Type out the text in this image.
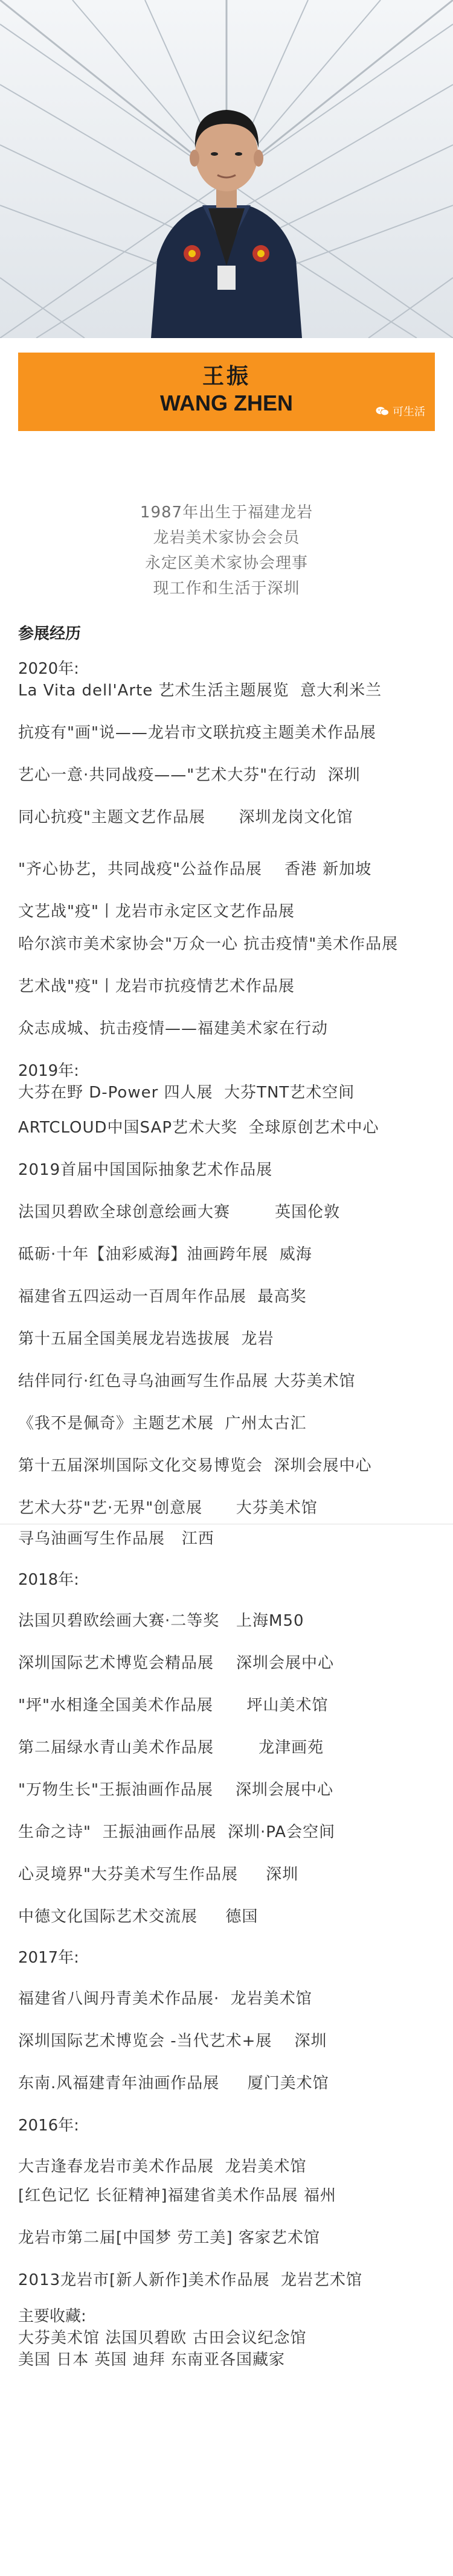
王振
WANG ZHEN	可生活
1987年出生于福建龙岩
龙岩美术家协会会员
永定区美术家协会理事
现工作和生活于深圳
参展经历
2020年:
La Vita dell'Arte 艺术生活主题展览  意大利米兰
抗疫有"画"说——龙岩市文联抗疫主题美术作品展
艺心一意·共同战疫——"艺术大芬"在行动  深圳
同心抗疫"主题文艺作品展      深圳龙岗文化馆
"齐心协艺，共同战疫"公益作品展    香港 新加坡
文艺战"疫"丨龙岩市永定区文艺作品展
哈尔滨市美术家协会"万众一心 抗击疫情"美术作品展
艺术战"疫"丨龙岩市抗疫情艺术作品展
众志成城、抗击疫情——福建美术家在行动
2019年:
大芬在野 D-Power 四人展  大芬TNT艺术空间
ARTCLOUD中国SAP艺术大奖  全球原创艺术中心
2019首届中国国际抽象艺术作品展
法国贝碧欧全球创意绘画大赛        英国伦敦
砥砺·十年【油彩威海】油画跨年展  威海
福建省五四运动一百周年作品展  最高奖
第十五届全国美展龙岩选拔展  龙岩
结伴同行·红色寻乌油画写生作品展 大芬美术馆
《我不是佩奇》主题艺术展  广州太古汇
第十五届深圳国际文化交易博览会  深圳会展中心
艺术大芬"艺·无界"创意展      大芬美术馆
寻乌油画写生作品展   江西
2018年:
法国贝碧欧绘画大赛·二等奖   上海M50
深圳国际艺术博览会精品展    深圳会展中心
"坪"水相逢全国美术作品展      坪山美术馆
第二届绿水青山美术作品展        龙津画苑
"万物生长"王振油画作品展    深圳会展中心
生命之诗"  王振油画作品展  深圳·PA会空间
心灵境界"大芬美术写生作品展     深圳
中德文化国际艺术交流展     德国
2017年:
福建省八闽丹青美术作品展·  龙岩美术馆
深圳国际艺术博览会 -当代艺术+展    深圳
东南.风福建青年油画作品展     厦门美术馆
2016年:
大吉逢春龙岩市美术作品展  龙岩美术馆
[红色记忆 长征精神]福建省美术作品展 福州
龙岩市第二届[中国梦 劳工美] 客家艺术馆
2013龙岩市[新人新作]美术作品展  龙岩艺术馆
主要收藏:
大芬美术馆 法国贝碧欧 古田会议纪念馆
美国 日本 英国 迪拜 东南亚各国藏家
